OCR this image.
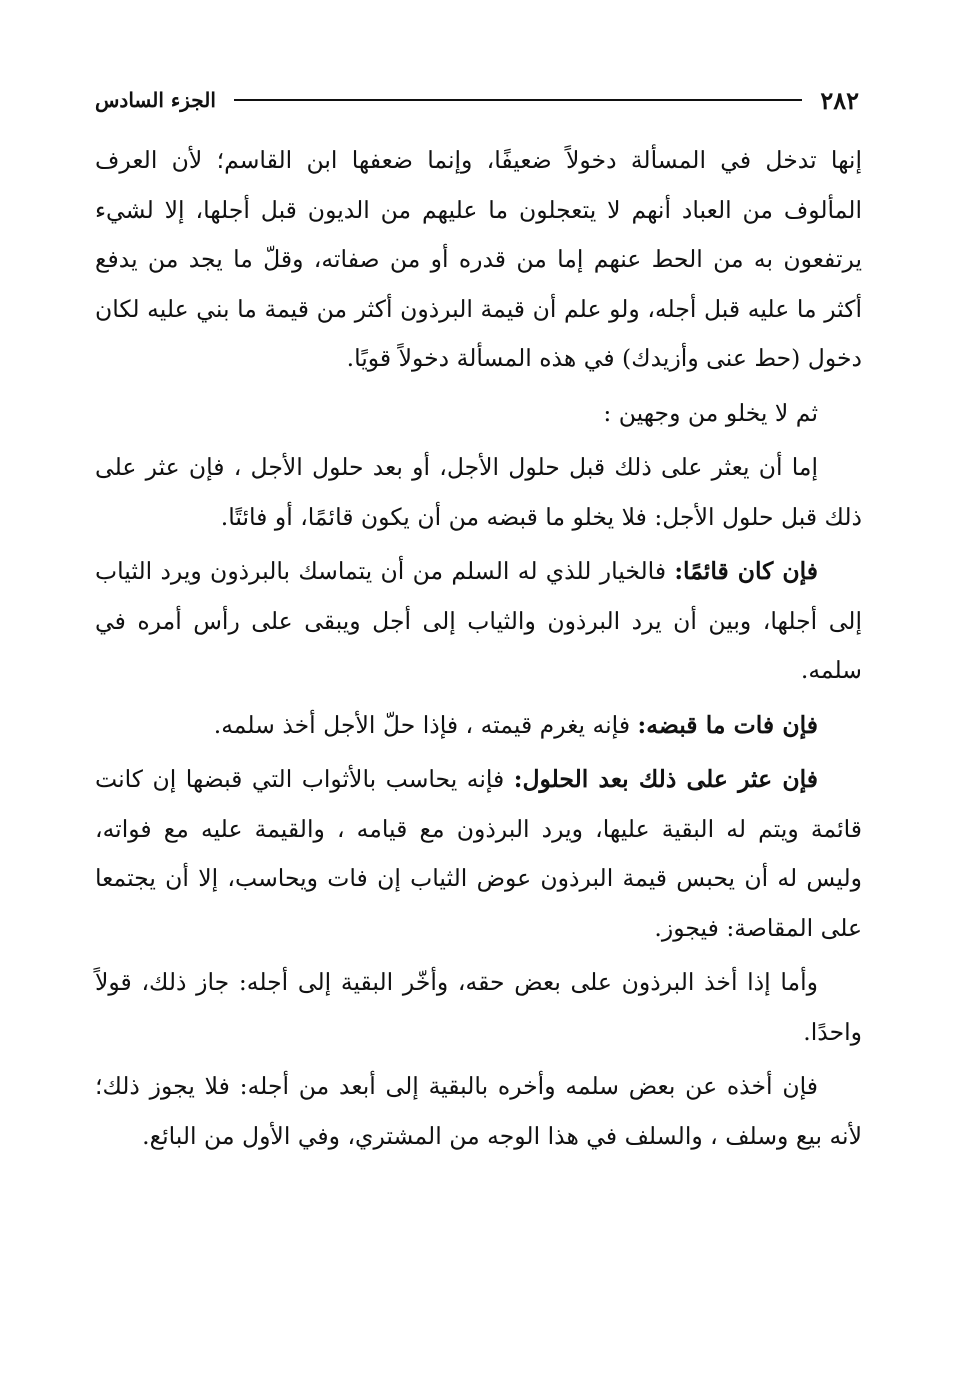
٢٨٢
الجزء السادس

إنها تدخل في المسألة دخولاً ضعيفًا، وإنما ضعفها ابن القاسم؛ لأن العرف المألوف من العباد أنهم لا يتعجلون ما عليهم من الديون قبل أجلها، إلا لشيء يرتفعون به من الحط عنهم إما من قدره أو من صفاته، وقلّ ما يجد من يدفع أكثر ما عليه قبل أجله، ولو علم أن قيمة البرذون أكثر من قيمة ما بني عليه لكان دخول (حط عنى وأزيدك) في هذه المسألة دخولاً قويًا.

ثم لا يخلو من وجهين :

إما أن يعثر على ذلك قبل حلول الأجل، أو بعد حلول الأجل ، فإن عثر على ذلك قبل حلول الأجل: فلا يخلو ما قبضه من أن يكون قائمًا، أو فائتًا.

فإن كان قائمًا: فالخيار للذي له السلم من أن يتماسك بالبرذون ويرد الثياب إلى أجلها، وبين أن يرد البرذون والثياب إلى أجل ويبقى على رأس أمره في سلمه.

فإن فات ما قبضه: فإنه يغرم قيمته ، فإذا حلّ الأجل أخذ سلمه.

فإن عثر على ذلك بعد الحلول: فإنه يحاسب بالأثواب التي قبضها إن كانت قائمة ويتم له البقية عليها، ويرد البرذون مع قيامه ، والقيمة عليه مع فواته، وليس له أن يحبس قيمة البرذون عوض الثياب إن فات ويحاسب، إلا أن يجتمعا على المقاصة: فيجوز.

وأما إذا أخذ البرذون على بعض حقه، وأخّر البقية إلى أجله: جاز ذلك، قولاً واحدًا.

فإن أخذه عن بعض سلمه وأخره بالبقية إلى أبعد من أجله: فلا يجوز ذلك؛ لأنه بيع وسلف ، والسلف في هذا الوجه من المشتري، وفي الأول من البائع.
